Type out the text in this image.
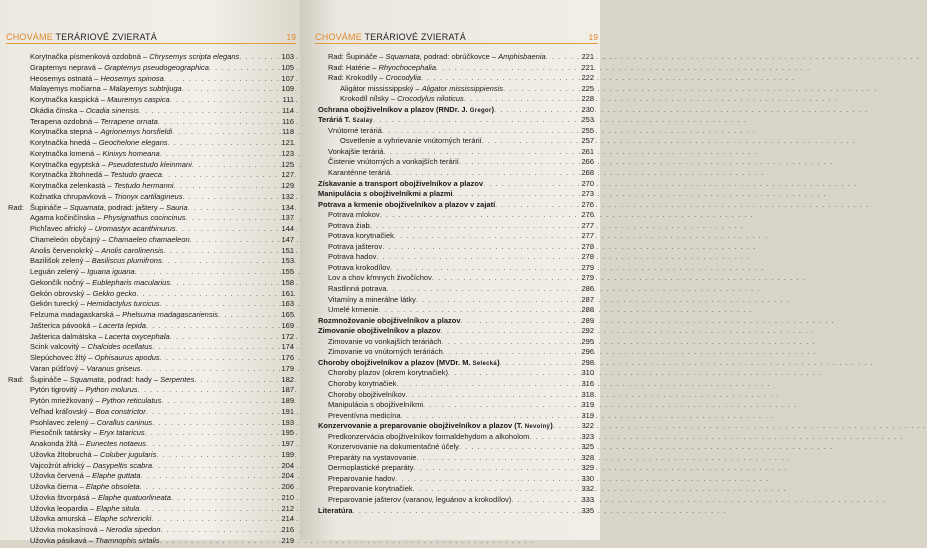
CHOVÁME TERÁRIOVÉ ZVIERATÁ	19
Korytnačka písmenková ozdobná – Chrysemys scripta elegans . . .	103
Graptemys nepravá – Graptemys pseudogeographica . . .	105
Heosemys ostnatá – Heosemys spinosa . . .	107
Malayemys močiarna – Malayemys subtrijuga . . .	109
Korytnačka kaspická – Mauremys caspica . . .	111
Okádia čínska – Ocadia sinensis . . .	114
Terapena ozdobná – Terrapene ornata . . .	116
Korytnačka stepná – Agrionemys horsfieldi . . .	118
Korytnačka hnedá – Geochelone elegans . . .	121
Korytnačka lomená – Kinixys homeana . . .	123
Korytnačka egyptská – Pseudotestudo kleinmani . . .	125
Korytnačka žltohnedá – Testudo graeca . . .	127
Korytnačka zelenkastá – Testudo hermanni . . .	129
Kožnatka chrupavková – Trionyx cartilagineus . . .	132
Rad: Šupináče – Squamata, podrad: jaštery – Sauria . . .	134
Agama kočinčínska – Physignathus cocincinus . . .	137
Pichľavec africký – Uromastyx acanthinurus . . .	144
Chameleón obyčajný – Chamaeleo chamaeleon . . .	147
Anolis červenokrký – Anolis carolinensis . . .	151
Bazilišok zelený – Basiliscus plumifrons . . .	153
Leguán zelený – Iguana iguana . . .	155
Gekončík nočný – Eublepharis macularius . . .	158
Gekón obrovský – Gekko gecko . . .	161
Gekón turecký – Hemidactylus turcicus . . .	163
Felzuma madagaskarská – Phelsuma madagascariensis . . .	165
Jašterica pávooká – Lacerta lepida . . .	169
Jašterica dalmátska – Lacerta oxycephala . . .	172
Scink valcovitý – Chalcides ocellatus . . .	174
Slepúchovec žltý – Ophisaurus apodus . . .	176
Varan púšťový – Varanus griseus . . .	179
Rad: Šupináče – Squamata, podrad: hady – Serpentes . . .	182
Pytón tigrovitý – Python molurus . . .	187
Pytón mriežkovaný – Python reticulatus . . .	189
Veľhad kráľovský – Boa constrictor . . .	191
Psohlavec zelený – Corallus caninus . . .	193
Piesočník tatársky – Eryx tataricus . . .	195
Anakonda žltá – Eunectes notaeus . . .	197
Užovka žltobruchá – Coluber jugularis . . .	199
Vajcožrút africký – Dasypeltis scabra . . .	204
Užovka červená – Elaphe guttata . . .	204
Užovka čierna – Elaphe obsoleta . . .	206
Užovka štvorpásá – Elaphe quatuorlineata . . .	210
Užovka leopardia – Elaphe situla . . .	212
Užovka amurská – Elaphe schrencki . . .	214
Užovka mokasínová – Nerodia sipedon . . .	216
Užovka pásikavá – Thamnophis sirtalis . . .	219
CHOVÁME TERÁRIOVÉ ZVIERATÁ	19
Rad: Šupináče – Squamata, podrad: obrúčkovce – Amphisbaenia . . .	221
Rad: Hatérie – Rhynchocephalia . . .	221
Rad: Krokodíly – Crocodylia . . .	222
Aligátor mississippský – Aligator mississippiensis . . .	225
Krokodíl nílsky – Crocodylus niloticus . . .	228
Ochrana obojživelníkov a plazov (RNDr. J. Gregor) . . .	230
Teráriá T. Szalay . . .	253
Vnútorné teráriá . . .	255
Osvetlenie a vyhrievanie vnútorných terárií . . .	257
Vonkajšie teráriá . . .	261
Čistenie vnútorných a vonkajších terárií . . .	266
Karanténne teráriá . . .	268
Získavanie a transport obojživelníkov a plazov . . .	270
Manipulácia s obojživelníkmi a plazmi . . .	273
Potrava a krmenie obojživelníkov a plazov v zajatí . . .	276
Potrava mlokov . . .	276
Potrava žiab . . .	277
Potrava korytnačiek . . .	277
Potrava jašterov . . .	278
Potrava hadov . . .	278
Potrava krokodílov . . .	279
Lov a chov kŕmnych živočíchov . . .	279
Rastlinná potrava . . .	286
Vitamíny a minerálne látky . . .	287
Umelé krmenie . . .	288
Rozmnožovanie obojživelníkov a plazov . . .	289
Zimovanie obojživelníkov a plazov . . .	292
Zimovanie vo vonkajších teráriách . . .	295
Zimovanie vo vnútorných teráriách . . .	296
Choroby obojživelníkov a plazov (MVDr. M. Selecká) . . .	298
Choroby plazov (okrem korytnačiek) . . .	310
Choroby korytnačiek . . .	316
Choroby obojživelníkov . . .	318
Manipulácia s obojživelníkmi . . .	319
Preventívna medicína . . .	319
Konzervovanie a preparovanie obojživelníkov a plazov (T. Nevolný) . . .	322
Predkonzervácia obojživelníkov formaldehydom a alkoholom . . .	323
Konzervovanie na dokumentačné účely . . .	325
Preparáty na vystavovanie . . .	328
Dermoplastické preparáty . . .	329
Preparovanie hadov . . .	330
Preparovanie korytnačiek . . .	332
Preparovanie jašterov (varanov, leguánov a krokodílov) . . .	333
Literatúra . . .	335
